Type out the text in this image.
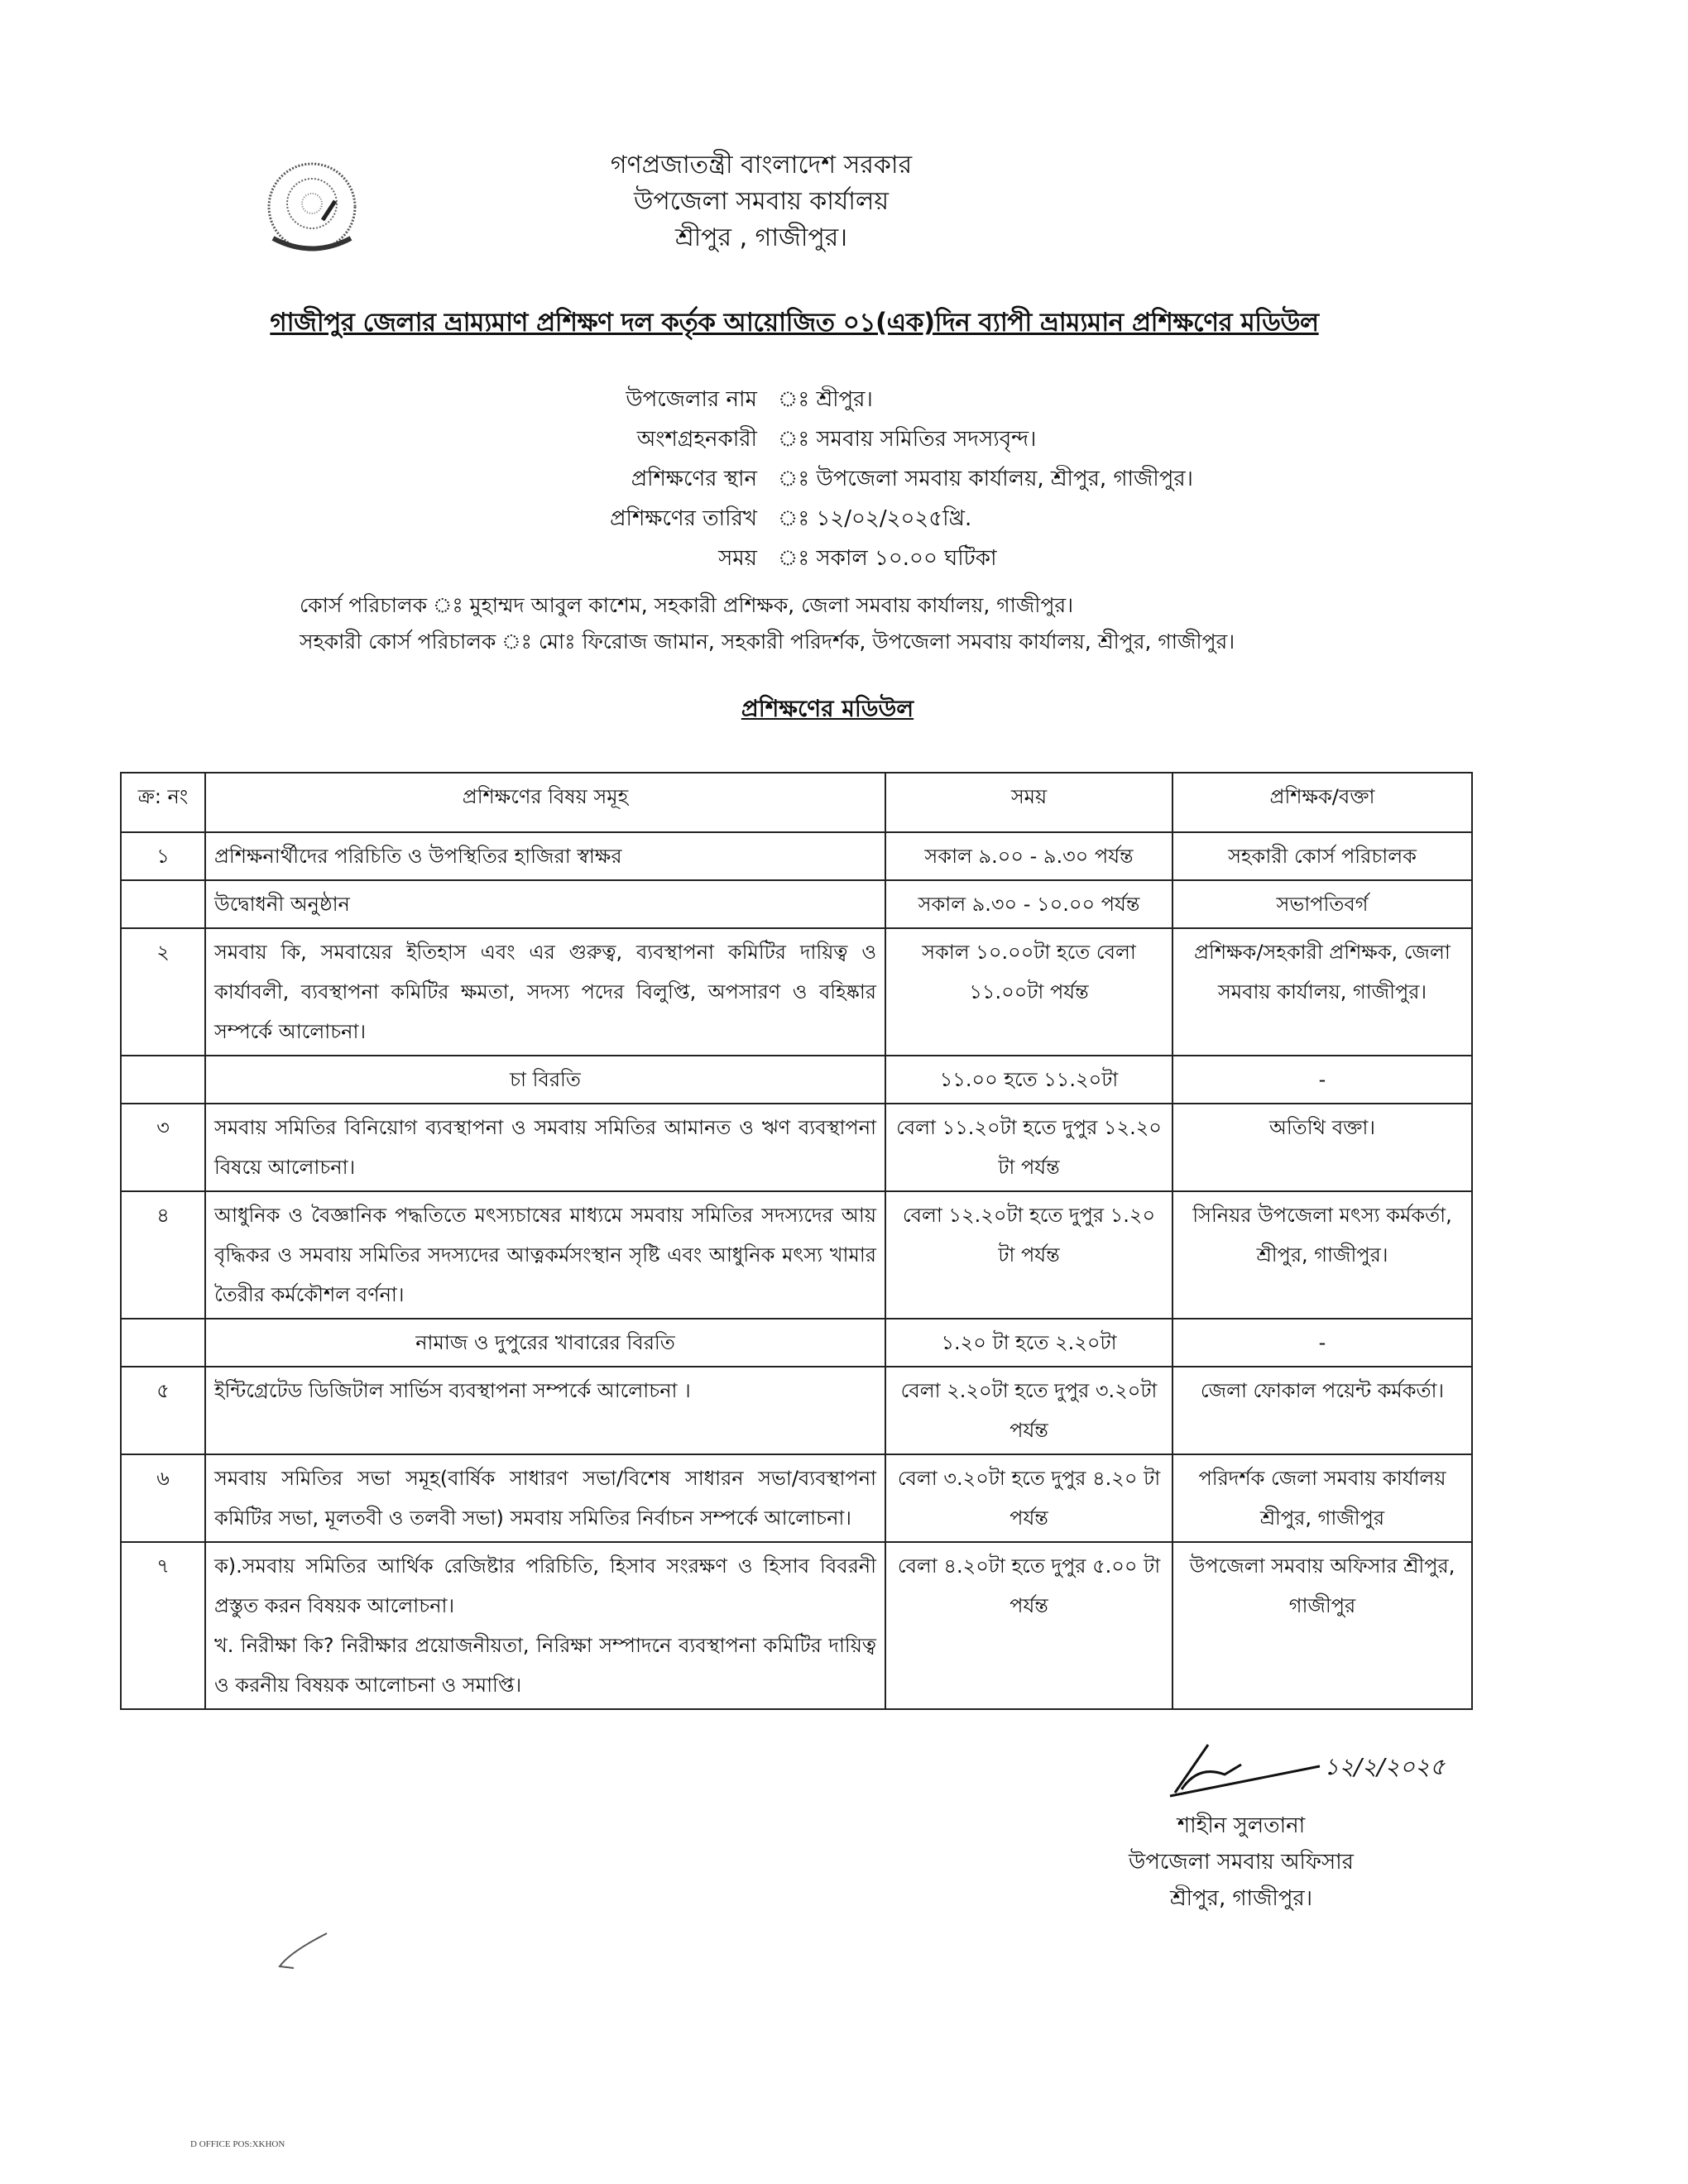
গণপ্রজাতন্ত্রী বাংলাদেশ সরকার
উপজেলা সমবায় কার্যালয়
শ্রীপুর , গাজীপুর।
গাজীপুর জেলার ভ্রাম্যমাণ প্রশিক্ষণ দল কর্তৃক আয়োজিত ০১(এক)দিন ব্যাপী ভ্রাম্যমান প্রশিক্ষণের মডিউল
উপজেলার নাম ঃ শ্রীপুর।
অংশগ্রহনকারী ঃ সমবায় সমিতির সদস্যবৃন্দ।
প্রশিক্ষণের স্থান ঃ উপজেলা সমবায় কার্যালয়, শ্রীপুর, গাজীপুর।
প্রশিক্ষণের তারিখ ঃ ১২/০২/২০২৫খ্রি.
সময় ঃ সকাল ১০.০০ ঘটিকা
কোর্স পরিচালক ঃ মুহাম্মদ আবুল কাশেম, সহকারী প্রশিক্ষক, জেলা সমবায় কার্যালয়, গাজীপুর।
সহকারী কোর্স পরিচালক ঃ মোঃ ফিরোজ জামান, সহকারী পরিদর্শক, উপজেলা সমবায় কার্যালয়, শ্রীপুর, গাজীপুর।
প্রশিক্ষণের মডিউল
ক্র: নং	প্রশিক্ষণের বিষয় সমূহ	সময়	প্রশিক্ষক/বক্তা
১	প্রশিক্ষনার্থীদের পরিচিতি ও উপস্থিতির হাজিরা স্বাক্ষর	সকাল ৯.০০ - ৯.৩০ পর্যন্ত	সহকারী কোর্স পরিচালক
	উদ্বোধনী অনুষ্ঠান	সকাল ৯.৩০ - ১০.০০ পর্যন্ত	সভাপতিবর্গ
২	সমবায় কি, সমবায়ের ইতিহাস এবং এর গুরুত্ব, ব্যবস্থাপনা কমিটির দায়িত্ব ও কার্যাবলী, ব্যবস্থাপনা কমিটির ক্ষমতা, সদস্য পদের বিলুপ্তি, অপসারণ ও বহিষ্কার সম্পর্কে আলোচনা।	সকাল ১০.০০টা হতে বেলা ১১.০০টা পর্যন্ত	প্রশিক্ষক/সহকারী প্রশিক্ষক, জেলা সমবায় কার্যালয়, গাজীপুর।
	চা বিরতি	১১.০০ হতে ১১.২০টা	-
৩	সমবায় সমিতির বিনিয়োগ ব্যবস্থাপনা ও সমবায় সমিতির আমানত ও ঋণ ব্যবস্থাপনা বিষয়ে আলোচনা।	বেলা ১১.২০টা হতে দুপুর ১২.২০ টা পর্যন্ত	অতিথি বক্তা।
৪	আধুনিক ও বৈজ্ঞানিক পদ্ধতিতে মৎস্যচাষের মাধ্যমে সমবায় সমিতির সদস্যদের আয় বৃদ্ধিকর ও সমবায় সমিতির সদস্যদের আত্নকর্মসংস্থান সৃষ্টি এবং আধুনিক মৎস্য খামার তৈরীর কর্মকৌশল বর্ণনা।	বেলা ১২.২০টা হতে দুপুর ১.২০ টা পর্যন্ত	সিনিয়র উপজেলা মৎস্য কর্মকর্তা, শ্রীপুর, গাজীপুর।
	নামাজ ও দুপুরের খাবারের বিরতি	১.২০ টা হতে ২.২০টা	-
৫	ইন্টিগ্রেটেড ডিজিটাল সার্ভিস ব্যবস্থাপনা সম্পর্কে আলোচনা ।	বেলা ২.২০টা হতে দুপুর ৩.২০টা পর্যন্ত	জেলা ফোকাল পয়েন্ট কর্মকর্তা।
৬	সমবায় সমিতির সভা সমূহ(বার্ষিক সাধারণ সভা/বিশেষ সাধারন সভা/ব্যবস্থাপনা কমিটির সভা, মূলতবী ও তলবী সভা) সমবায় সমিতির নির্বাচন সম্পর্কে আলোচনা।	বেলা ৩.২০টা হতে দুপুর ৪.২০ টা পর্যন্ত	পরিদর্শক জেলা সমবায় কার্যালয় শ্রীপুর, গাজীপুর
৭	ক).সমবায় সমিতির আর্থিক রেজিষ্টার পরিচিতি, হিসাব সংরক্ষণ ও হিসাব বিবরনী প্রস্তুত করন বিষয়ক আলোচনা।
খ. নিরীক্ষা কি? নিরীক্ষার প্রয়োজনীয়তা, নিরিক্ষা সম্পাদনে ব্যবস্থাপনা কমিটির দায়িত্ব ও করনীয় বিষয়ক আলোচনা ও সমাপ্তি।	বেলা ৪.২০টা হতে দুপুর ৫.০০ টা পর্যন্ত	উপজেলা সমবায় অফিসার শ্রীপুর, গাজীপুর
১২/২/২০২৫
শাহীন সুলতানা
উপজেলা সমবায় অফিসার
শ্রীপুর, গাজীপুর।
D OFFICE POS:XKHON
